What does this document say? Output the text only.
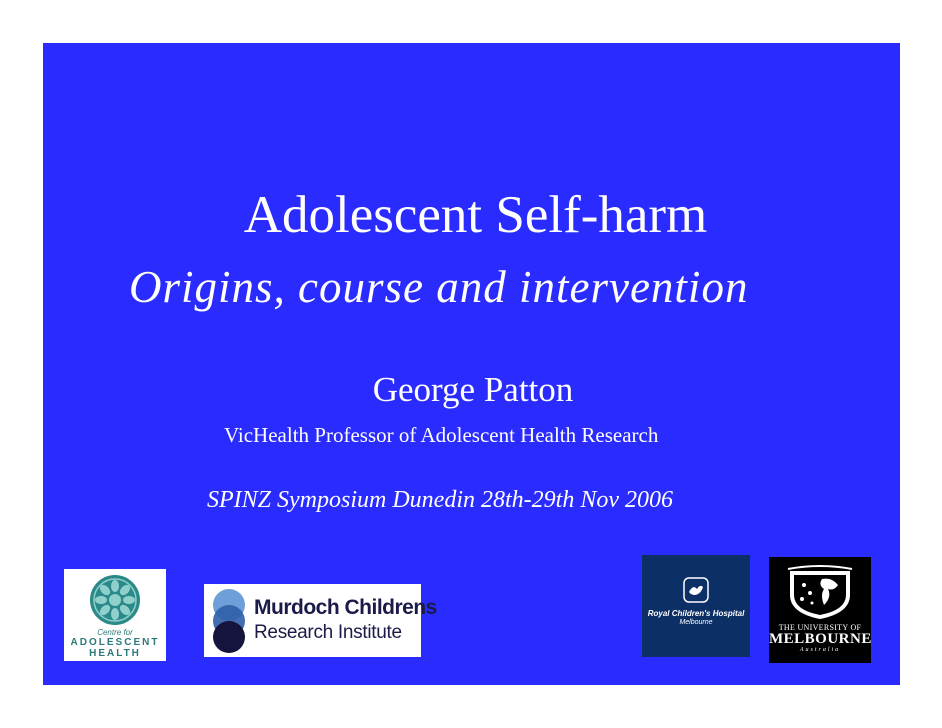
Adolescent Self-harm
Origins, course and intervention
George Patton
VicHealth Professor of Adolescent Health Research
SPINZ Symposium Dunedin 28th-29th Nov 2006
Centre for
ADOLESCENT
HEALTH
Murdoch Childrens
Research Institute
Royal Children's Hospital
Melbourne
THE UNIVERSITY OF
MELBOURNE
Australia
